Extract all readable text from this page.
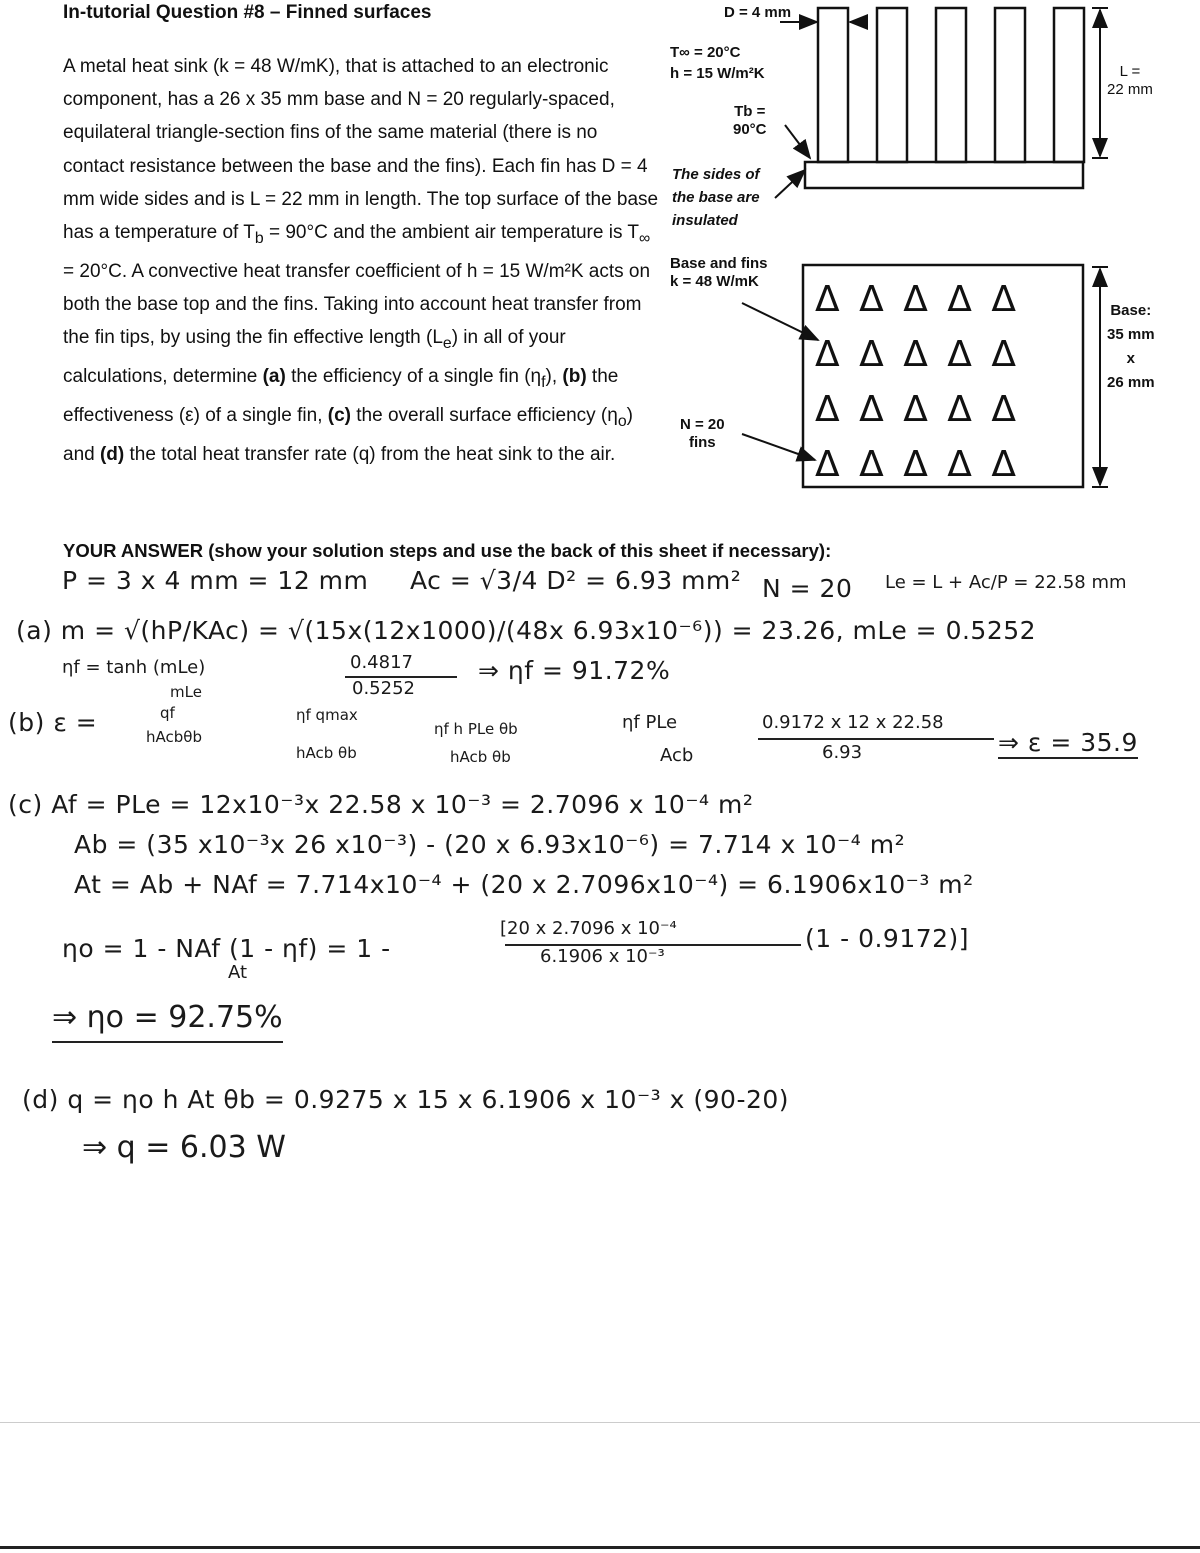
In-tutorial Question #8 – Finned surfaces

A metal heat sink (k = 48 W/mK), that is attached to an electronic component, has a 26 x 35 mm base and N = 20 regularly-spaced, equilateral triangle-section fins of the same material (there is no contact resistance between the base and the fins). Each fin has D = 4 mm wide sides and is L = 22 mm in length. The top surface of the base has a temperature of $T_b = 90^\circ C$ and the ambient air temperature is $T_\infty = 20^\circ C$. A convective heat transfer coefficient of h = 15 W/m²K acts on both the base top and the fins. Taking into account heat transfer from the fin tips, by using the fin effective length $(L_e)$ in all of your calculations, determine (a) the efficiency of a single fin $(\eta_f)$, (b) the effectiveness (ε) of a single fin, (c) the overall surface efficiency $(\eta_o)$ and (d) the total heat transfer rate (q) from the heat sink to the air.

Δ Δ Δ Δ Δ
Δ Δ Δ Δ Δ
Δ Δ Δ Δ Δ
Δ Δ Δ Δ Δ
D = 4 mm
T∞ = 20°C
h = 15 W/m²K
Tb =
90°C
The sides of
the base are
insulated
L =
22 mm
Base and fins
k = 48 W/mK
N = 20
fins
Base:
35 mm
x
26 mm
YOUR ANSWER (show your solution steps and use the back of this sheet if necessary):
P = 3 x 4 mm = 12 mm Ac = √3/4 D² = 6.93 mm² N = 20 Le = L + Ac/P = 22.58 mm
(a) m = √(hP/KAc) = √(15x(12x1000)/(48x 6.93x10⁻⁶)) = 23.26, mLe = 0.5252
ηf = tanh (mLe)
mLe
0.4817
0.5252
⇒ ηf = 91.72%
(b) ε =	qf
hAcbθb
ηf qmax
hAcb θb
ηf h PLe θb
hAcb θb
ηf PLe
Acb
0.9172 x 12 x 22.58
6.93	⇒ ε = 35.9
(c) Af = PLe = 12x10⁻³x 22.58 x 10⁻³ = 2.7096 x 10⁻⁴ m²
Ab = (35 x10⁻³x 26 x10⁻³) - (20 x 6.93x10⁻⁶) = 7.714 x 10⁻⁴ m²
At = Ab + NAf = 7.714x10⁻⁴ + (20 x 2.7096x10⁻⁴) = 6.1906x10⁻³ m²
ηo = 1 - NAf (1 - ηf) = 1 -
At
[20 x 2.7096 x 10⁻⁴
6.1906 x 10⁻³
(1 - 0.9172)]
⇒ ηo = 92.75%
(d) q = ηo h At θb = 0.9275 x 15 x 6.1906 x 10⁻³ x (90-20)
⇒ q = 6.03 W
